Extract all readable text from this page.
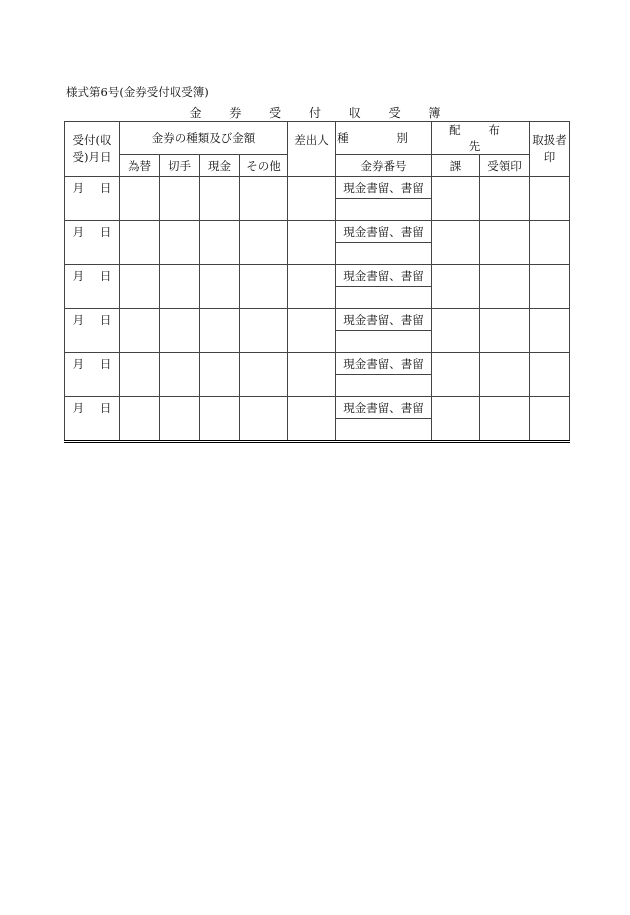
様式第6号(金券受付収受簿)
金 券 受 付 収 受 簿
受付(収受)月日	金券の種類及び金額				差出人	種 別	配 布 先		取扱者印
	為替	切手	現金	その他		金券番号	課	受領印	
月 日						現金書留、書留			

月 日						現金書留、書留			

月 日						現金書留、書留			

月 日						現金書留、書留			

月 日						現金書留、書留			

月 日						現金書留、書留			
